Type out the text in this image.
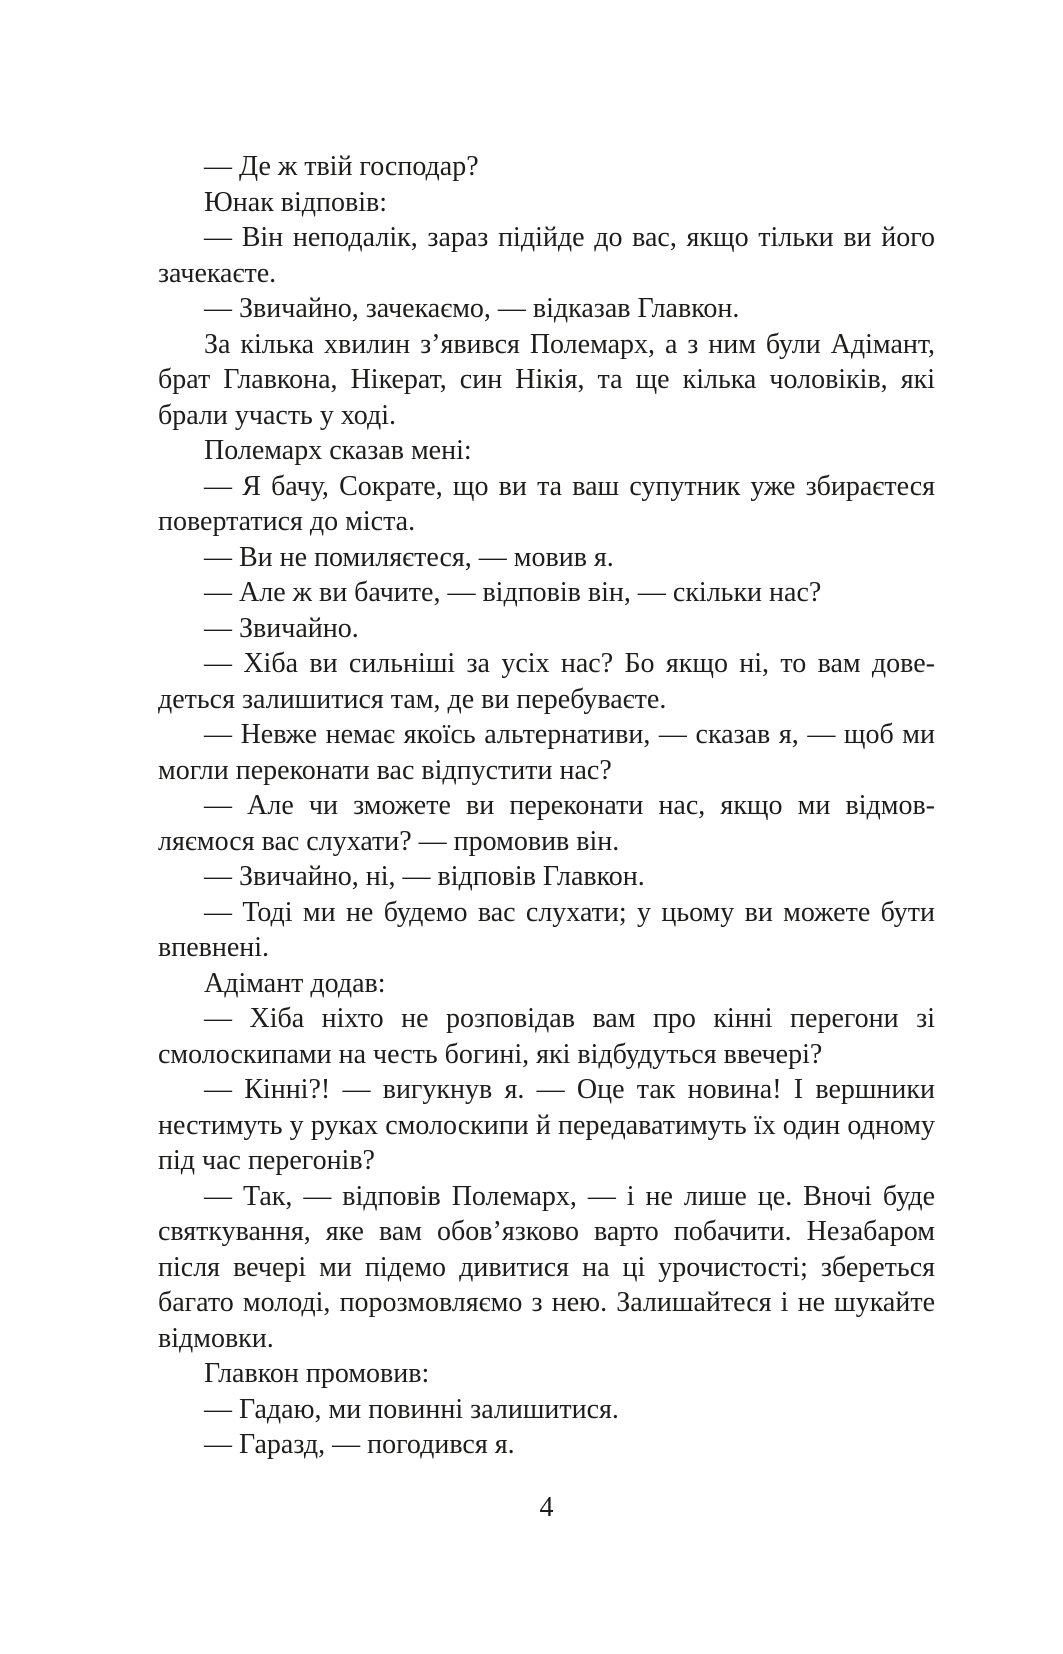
— Де ж твій господар?

Юнак відповів:

— Він неподалік, зараз підійде до вас, якщо тільки ви його зачекаєте.

— Звичайно, зачекаємо, — відказав Главкон.

За кілька хвилин з’явився Полемарх, а з ним були Адімант, брат Главкона, Нікерат, син Нікія, та ще кілька чоловіків, які брали участь у ході.

Полемарх сказав мені:

— Я бачу, Сократе, що ви та ваш супутник уже збираєтеся повертатися до міста.

— Ви не помиляєтеся, — мовив я.

— Але ж ви бачите, — відповів він, — скільки нас?

— Звичайно.

— Хіба ви сильніші за усіх нас? Бо якщо ні, то вам доведеться залишитися там, де ви перебуваєте.

— Невже немає якоїсь альтернативи, — сказав я, — щоб ми могли переконати вас відпустити нас?

— Але чи зможете ви переконати нас, якщо ми відмовляємося вас слухати? — промовив він.

— Звичайно, ні, — відповів Главкон.

— Тоді ми не будемо вас слухати; у цьому ви можете бути впевнені.

Адімант додав:

— Хіба ніхто не розповідав вам про кінні перегони зі смолоскипами на честь богині, які відбудуться ввечері?

— Кінні?! — вигукнув я. — Оце так новина! І вершники нестимуть у руках смолоскипи й передаватимуть їх один одному під час перегонів?

— Так, — відповів Полемарх, — і не лише це. Вночі буде святкування, яке вам обов’язково варто побачити. Незабаром після вечері ми підемо дивитися на ці урочистості; збереться багато молоді, порозмовляємо з нею. Залишайтеся і не шукайте відмовки.

Главкон промовив:

— Гадаю, ми повинні залишитися.

— Гаразд, — погодився я.

4
